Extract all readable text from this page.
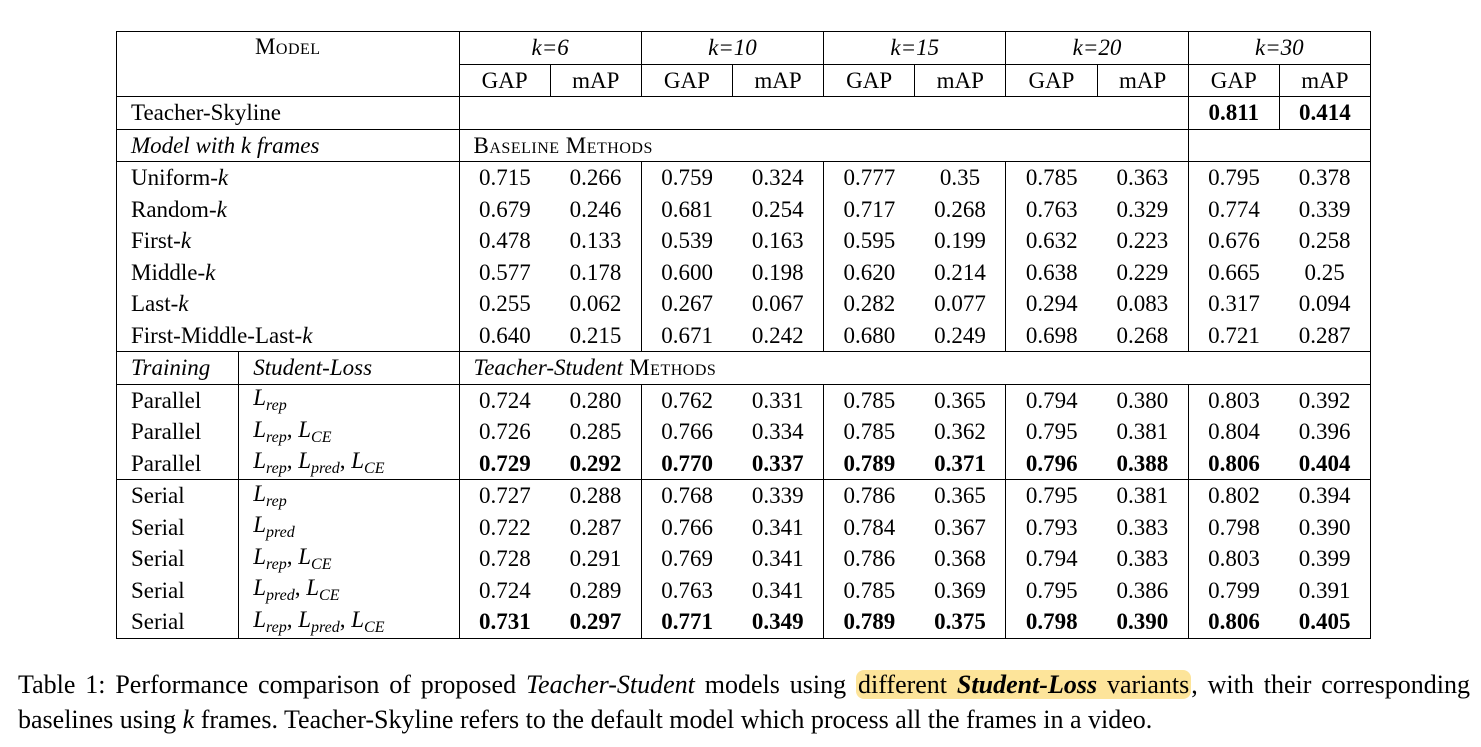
Model		k=6		k=10		k=15		k=20		k=30	
		GAP	mAP	GAP	mAP	GAP	mAP	GAP	mAP	GAP	mAP
Teacher-Skyline										0.811	0.414
Model with k frames		Baseline Methods									
Uniform-k		0.715	0.266	0.759	0.324	0.777	0.35	0.785	0.363	0.795	0.378
Random-k		0.679	0.246	0.681	0.254	0.717	0.268	0.763	0.329	0.774	0.339
First-k		0.478	0.133	0.539	0.163	0.595	0.199	0.632	0.223	0.676	0.258
Middle-k		0.577	0.178	0.600	0.198	0.620	0.214	0.638	0.229	0.665	0.25
Last-k		0.255	0.062	0.267	0.067	0.282	0.077	0.294	0.083	0.317	0.094
First-Middle-Last-k		0.640	0.215	0.671	0.242	0.680	0.249	0.698	0.268	0.721	0.287
Training	Student-Loss	Teacher-Student Methods									
Parallel	$L_{rep}$	0.724	0.280	0.762	0.331	0.785	0.365	0.794	0.380	0.803	0.392
Parallel	$L_{rep}$, $L_{CE}$	0.726	0.285	0.766	0.334	0.785	0.362	0.795	0.381	0.804	0.396
Parallel	$L_{rep}$, $L_{pred}$, $L_{CE}$	0.729	0.292	0.770	0.337	0.789	0.371	0.796	0.388	0.806	0.404
Serial	$L_{rep}$	0.727	0.288	0.768	0.339	0.786	0.365	0.795	0.381	0.802	0.394
Serial	$L_{pred}$	0.722	0.287	0.766	0.341	0.784	0.367	0.793	0.383	0.798	0.390
Serial	$L_{rep}$, $L_{CE}$	0.728	0.291	0.769	0.341	0.786	0.368	0.794	0.383	0.803	0.399
Serial	$L_{pred}$, $L_{CE}$	0.724	0.289	0.763	0.341	0.785	0.369	0.795	0.386	0.799	0.391
Serial	$L_{rep}$, $L_{pred}$, $L_{CE}$	0.731	0.297	0.771	0.349	0.789	0.375	0.798	0.390	0.806	0.405
Table 1: Performance comparison of proposed Teacher-Student models using different Student-Loss variants, with their corresponding baselines using k frames. Teacher-Skyline refers to the default model which process all the frames in a video.
